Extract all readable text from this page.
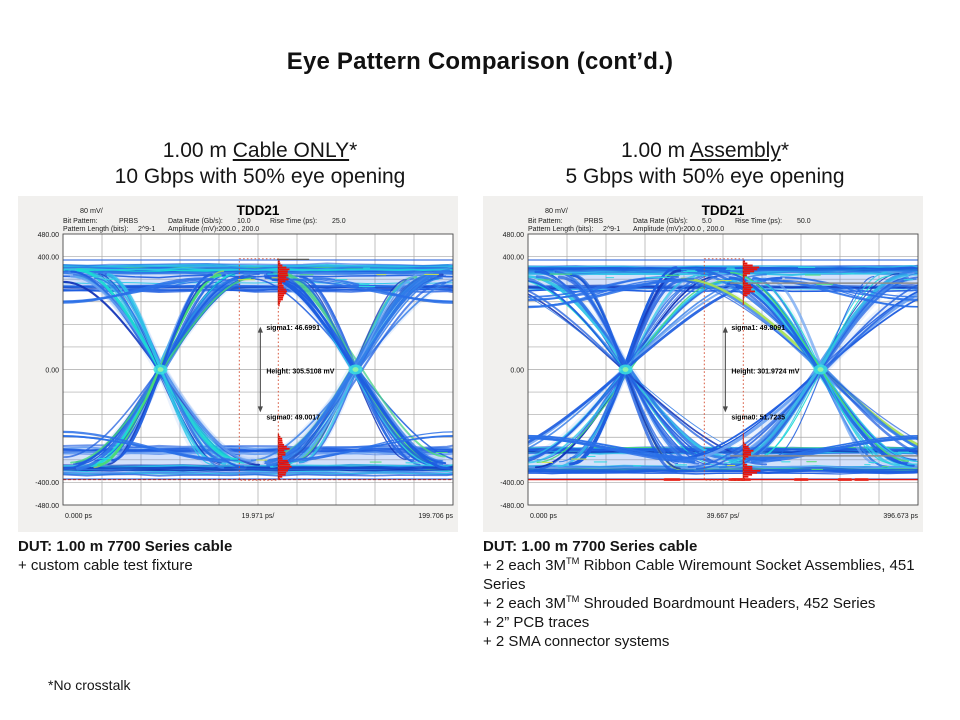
Eye Pattern Comparison (cont’d.)
1.00 m Cable ONLY*
10 Gbps with 50% eye opening
1.00 m Assembly*
5 Gbps with 50% eye opening
sigma1: 46.6991
Height: 305.5108 mV
sigma0: 49.0017
80 mV/	TDD21
Bit Pattern:	PRBS	Data Rate (Gb/s): 10.0	Rise Time (ps): 25.0
Pattern Length (bits): 2^9-1 Amplitude (mV):
-200.0 , 200.0
480.00
400.00
0.00
-400.00
-480.00
0.000 ps	19.971 ps/	199.706 ps
sigma1: 49.8091
Height: 301.9724 mV
sigma0: 51.7235
80 mV/	TDD21
Bit Pattern:	PRBS	Data Rate (Gb/s): 5.0	Rise Time (ps): 50.0
Pattern Length (bits): 2^9-1 Amplitude (mV):
-200.0 , 200.0
480.00
400.00
0.00
-400.00
-480.00
0.000 ps	39.667 ps/	396.673 ps
DUT: 1.00 m 7700 Series cable
+ custom cable test fixture
DUT: 1.00 m 7700 Series cable
+ 2 each 3M™ Ribbon Cable Wiremount Socket Assemblies, 451 Series
+ 2 each 3M™ Shrouded Boardmount Headers, 452 Series
+ 2” PCB traces
+ 2 SMA connector systems
*No crosstalk
